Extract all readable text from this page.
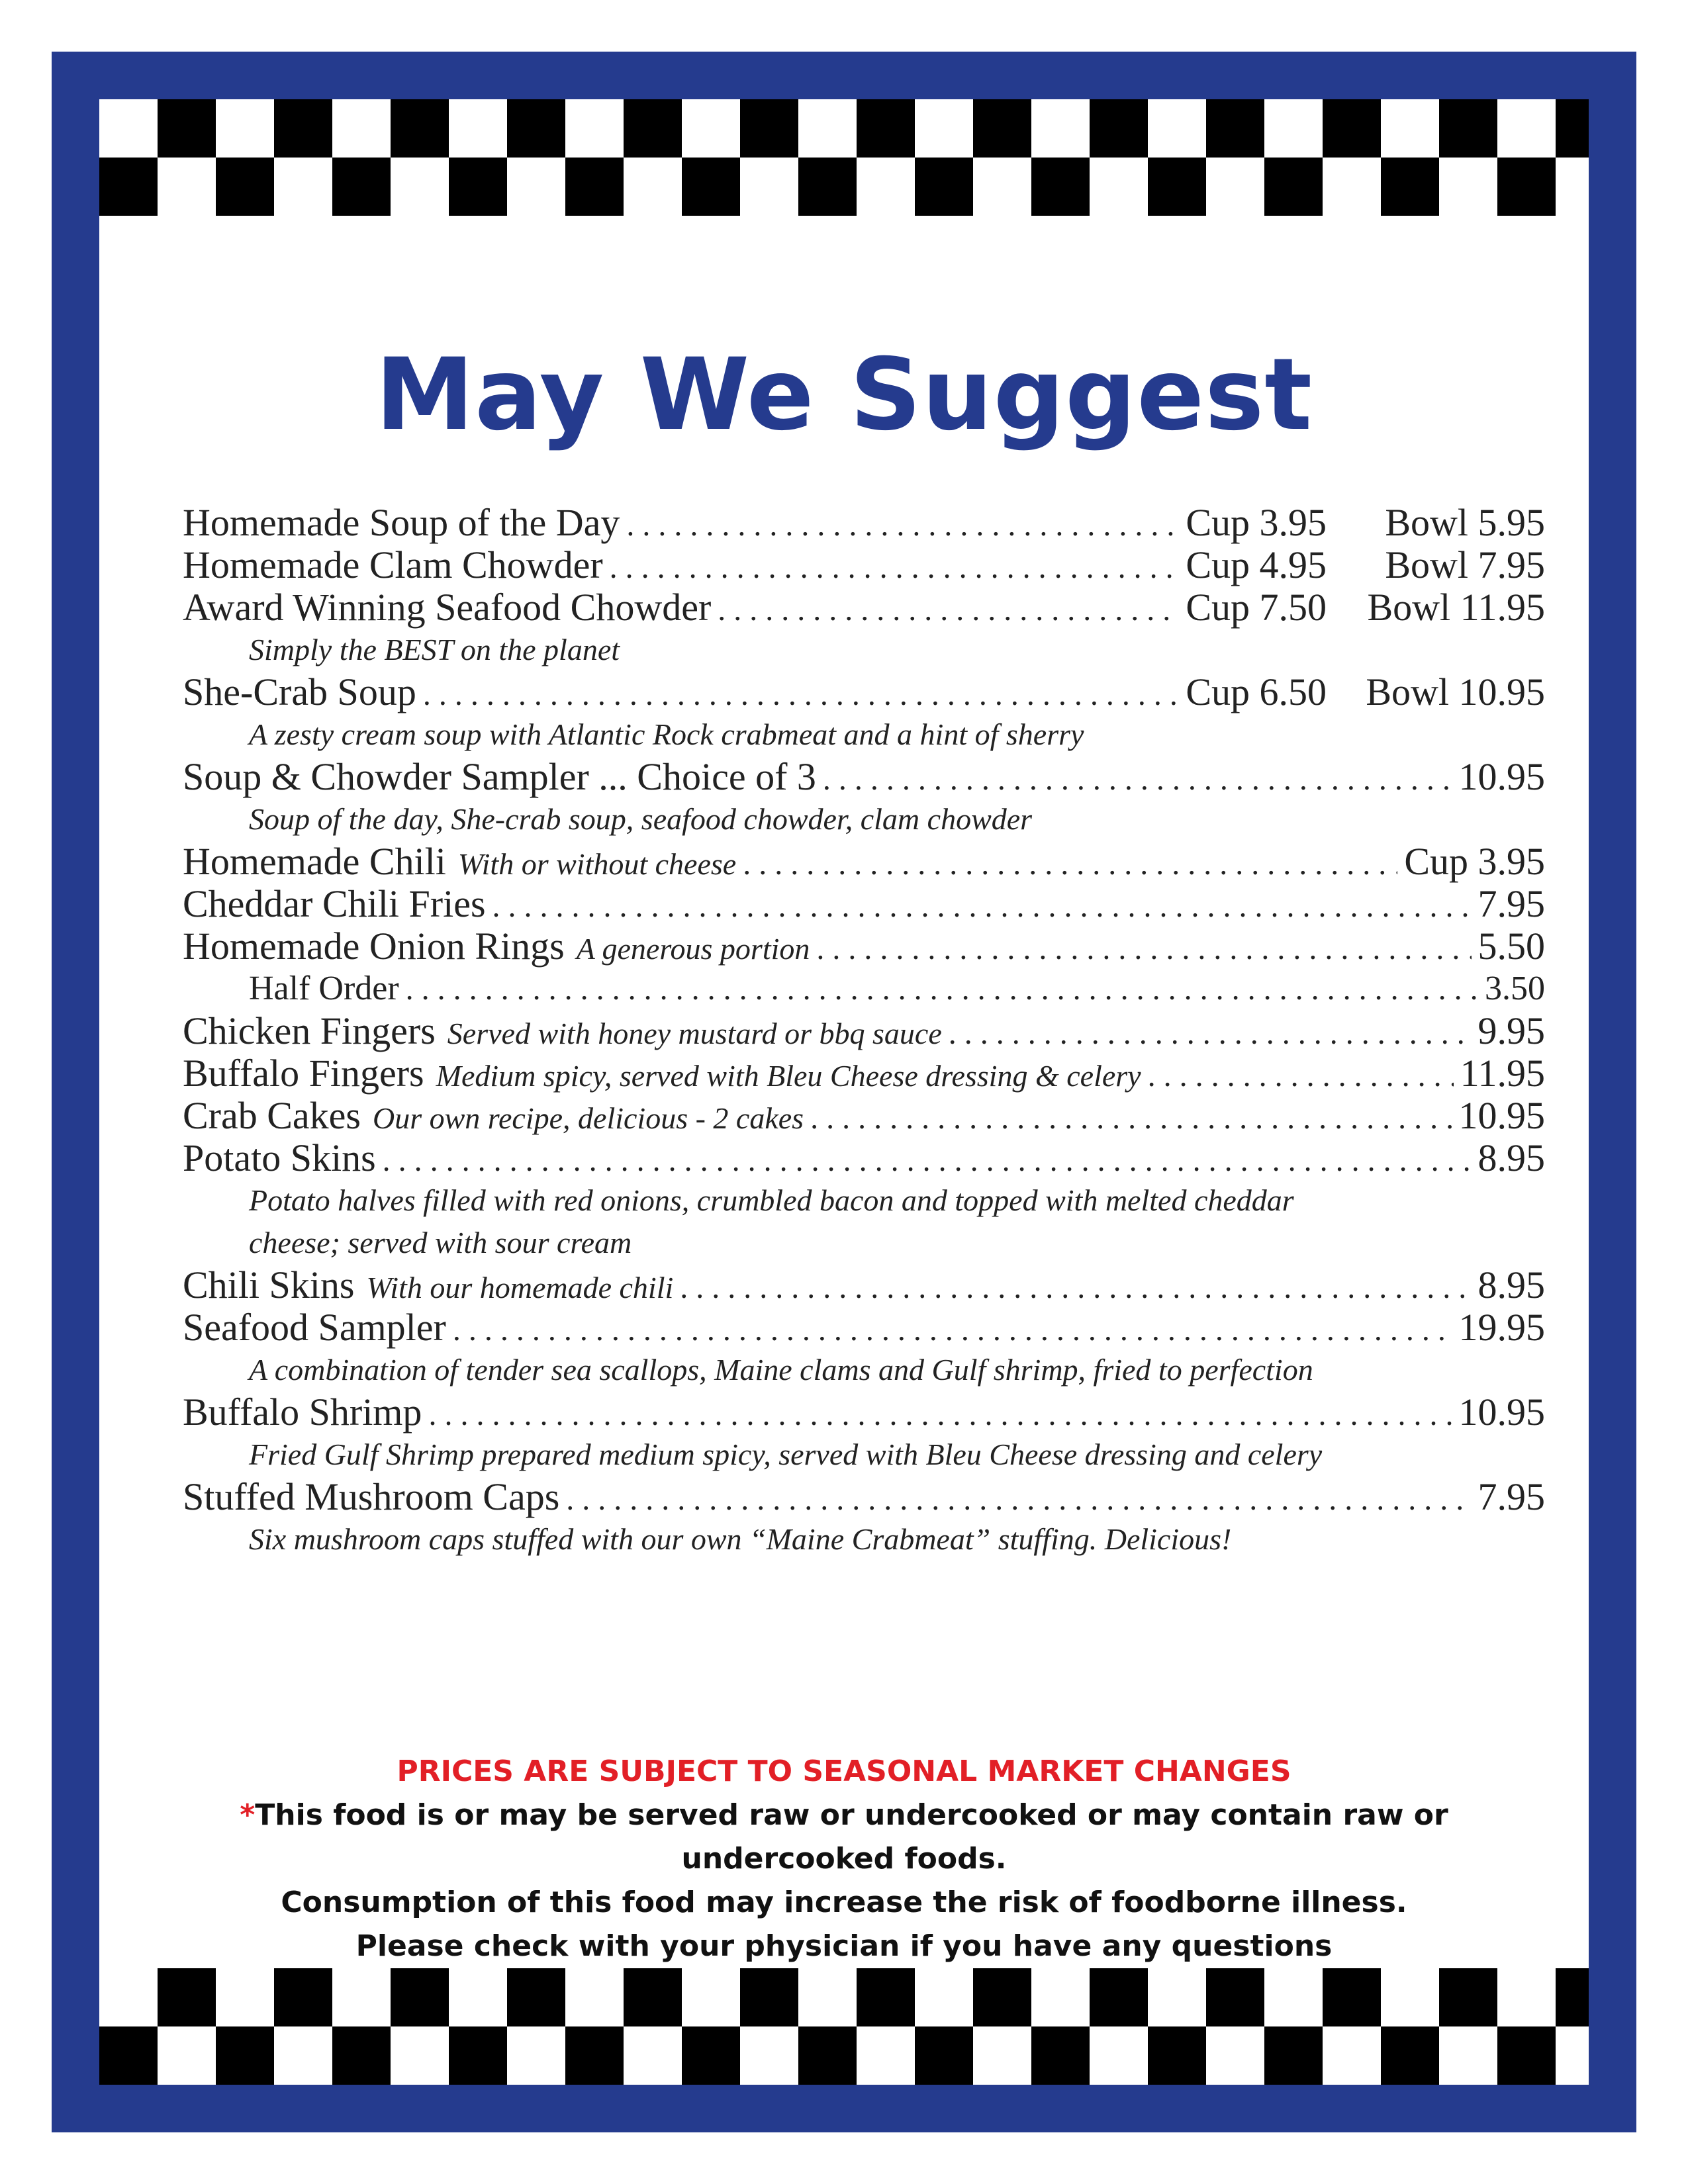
May We Suggest
Homemade Soup of the Day . . .	Cup 3.95	Bowl 5.95
Homemade Clam Chowder . . .	Cup 4.95	Bowl 7.95
Award Winning Seafood Chowder . . .	Cup 7.50	Bowl 11.95
Simply the BEST on the planet
She-Crab Soup . . .	Cup 6.50	Bowl 10.95
A zesty cream soup with Atlantic Rock crabmeat and a hint of sherry
Soup & Chowder Sampler ... Choice of 3 . . .	10.95
Soup of the day, She-crab soup, seafood chowder, clam chowder
Homemade Chili With or without cheese . . .	Cup 3.95
Cheddar Chili Fries . . .	7.95
Homemade Onion Rings A generous portion . . .	5.50
Half Order . . .	3.50
Chicken Fingers Served with honey mustard or bbq sauce . . .	9.95
Buffalo Fingers Medium spicy, served with Bleu Cheese dressing & celery . . .	11.95
Crab Cakes Our own recipe, delicious - 2 cakes . . .	10.95
Potato Skins . . .	8.95
Potato halves filled with red onions, crumbled bacon and topped with melted cheddar
cheese; served with sour cream
Chili Skins With our homemade chili . . .	8.95
Seafood Sampler . . .	19.95
A combination of tender sea scallops, Maine clams and Gulf shrimp, fried to perfection
Buffalo Shrimp . . .	10.95
Fried Gulf Shrimp prepared medium spicy, served with Bleu Cheese dressing and celery
Stuffed Mushroom Caps . . .	7.95
Six mushroom caps stuffed with our own “Maine Crabmeat” stuffing. Delicious!
PRICES ARE SUBJECT TO SEASONAL MARKET CHANGES
*This food is or may be served raw or undercooked or may contain raw or
undercooked foods.
Consumption of this food may increase the risk of foodborne illness.
Please check with your physician if you have any questions
